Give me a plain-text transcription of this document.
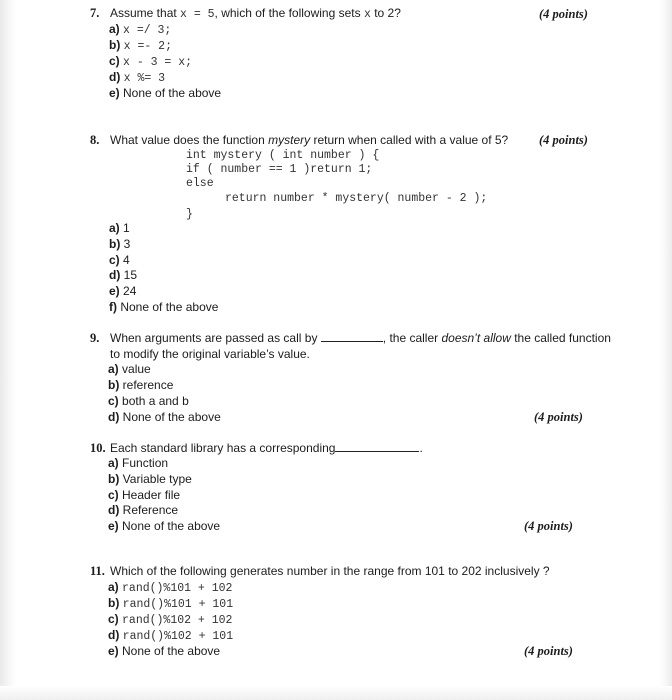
7. Assume that x = 5, which of the following sets x to 2?	(4 points)
a) x =/ 3;
b) x =- 2;
c) x - 3 = x;
d) x %= 3
e) None of the above
8. What value does the function mystery return when called with a value of 5? (4 points)
int mystery ( int number ) {
if ( number == 1 )return 1;
else
return number * mystery( number - 2 );
}
a) 1
b) 3
c) 4
d) 15
e) 24
f) None of the above
9. When arguments are passed as call by	, the caller doesn’t allow the called function
to modify the original variable’s value.
a) value
b) reference
c) both a and b
d) None of the above	(4 points)
10. Each standard library has a corresponding	.
a) Function
b) Variable type
c) Header file
d) Reference
e) None of the above	(4 points)
11. Which of the following generates number in the range from 101 to 202 inclusively ?
a) rand()%101 + 102
b) rand()%101 + 101
c) rand()%102 + 102
d) rand()%102 + 101
e) None of the above	(4 points)
